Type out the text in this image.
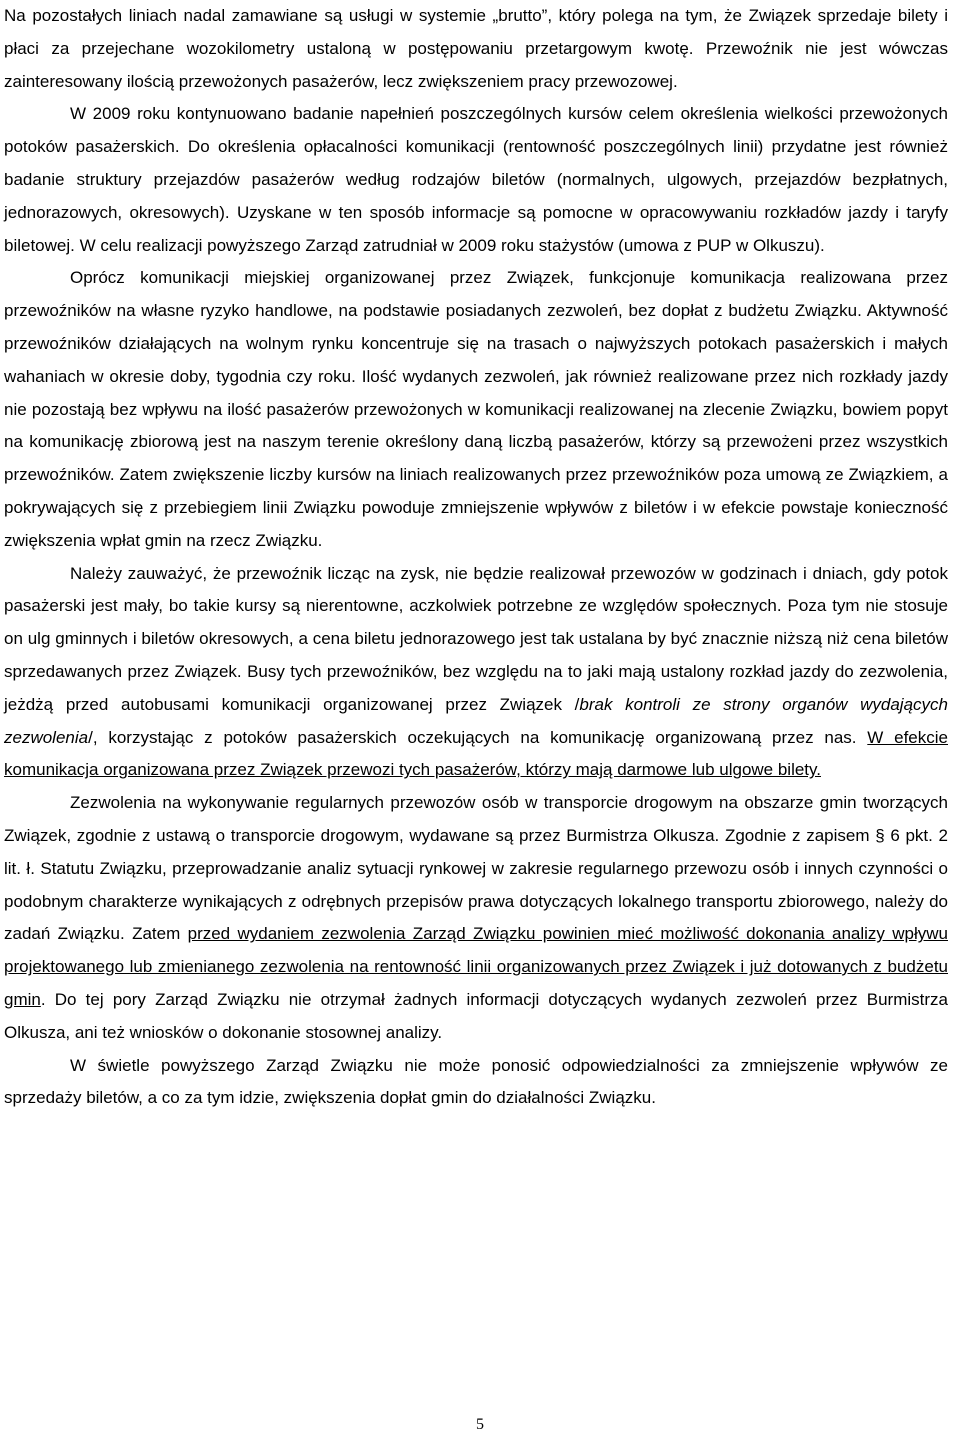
Na pozostałych liniach nadal zamawiane są usługi w systemie „brutto”, który polega na tym, że Związek sprzedaje bilety i płaci za przejechane wozokilometry ustaloną w postępowaniu przetargowym kwotę. Przewoźnik nie jest wówczas zainteresowany ilością przewożonych pasażerów, lecz zwiększeniem pracy przewozowej.

W 2009 roku kontynuowano badanie napełnień poszczególnych kursów celem określenia wielkości przewożonych potoków pasażerskich. Do określenia opłacalności komunikacji (rentowność poszczególnych linii) przydatne jest również badanie struktury przejazdów pasażerów według rodzajów biletów (normalnych, ulgowych, przejazdów bezpłatnych, jednorazowych, okresowych). Uzyskane w ten sposób informacje są pomocne w opracowywaniu rozkładów jazdy i taryfy biletowej. W celu realizacji powyższego Zarząd zatrudniał w 2009 roku stażystów (umowa z PUP w Olkuszu).

Oprócz komunikacji miejskiej organizowanej przez Związek, funkcjonuje komunikacja realizowana przez przewoźników na własne ryzyko handlowe, na podstawie posiadanych zezwoleń, bez dopłat z budżetu Związku. Aktywność przewoźników działających na wolnym rynku koncentruje się na trasach o najwyższych potokach pasażerskich i małych wahaniach w okresie doby, tygodnia czy roku. Ilość wydanych zezwoleń, jak również realizowane przez nich rozkłady jazdy nie pozostają bez wpływu na ilość pasażerów przewożonych w komunikacji realizowanej na zlecenie Związku, bowiem popyt na komunikację zbiorową jest na naszym terenie określony daną liczbą pasażerów, którzy są przewożeni przez wszystkich przewoźników. Zatem zwiększenie liczby kursów na liniach realizowanych przez przewoźników poza umową ze Związkiem, a pokrywających się z przebiegiem linii Związku powoduje zmniejszenie wpływów z biletów i w efekcie powstaje konieczność zwiększenia wpłat gmin na rzecz Związku.

Należy zauważyć, że przewoźnik licząc na zysk, nie będzie realizował przewozów w godzinach i dniach, gdy potok pasażerski jest mały, bo takie kursy są nierentowne, aczkolwiek potrzebne ze względów społecznych. Poza tym nie stosuje on ulg gminnych i biletów okresowych, a cena biletu jednorazowego jest tak ustalana by być znacznie niższą niż cena biletów sprzedawanych przez Związek. Busy tych przewoźników, bez względu na to jaki mają ustalony rozkład jazdy do zezwolenia, jeżdżą przed autobusami komunikacji organizowanej przez Związek /brak kontroli ze strony organów wydających zezwolenia/, korzystając z potoków pasażerskich oczekujących na komunikację organizowaną przez nas. W efekcie komunikacja organizowana przez Związek przewozi tych pasażerów, którzy mają darmowe lub ulgowe bilety.

Zezwolenia na wykonywanie regularnych przewozów osób w transporcie drogowym na obszarze gmin tworzących Związek, zgodnie z ustawą o transporcie drogowym, wydawane są przez Burmistrza Olkusza. Zgodnie z zapisem § 6 pkt. 2 lit. ł. Statutu Związku, przeprowadzanie analiz sytuacji rynkowej w zakresie regularnego przewozu osób i innych czynności o podobnym charakterze wynikających z odrębnych przepisów prawa dotyczących lokalnego transportu zbiorowego, należy do zadań Związku. Zatem przed wydaniem zezwolenia Zarząd Związku powinien mieć możliwość dokonania analizy wpływu projektowanego lub zmienianego zezwolenia na rentowność linii organizowanych przez Związek i już dotowanych z budżetu gmin. Do tej pory Zarząd Związku nie otrzymał żadnych informacji dotyczących wydanych zezwoleń przez Burmistrza Olkusza, ani też wniosków o dokonanie stosownej analizy.

W świetle powyższego Zarząd Związku nie może ponosić odpowiedzialności za zmniejszenie wpływów ze sprzedaży biletów, a co za tym idzie, zwiększenia dopłat gmin do działalności Związku.

5
